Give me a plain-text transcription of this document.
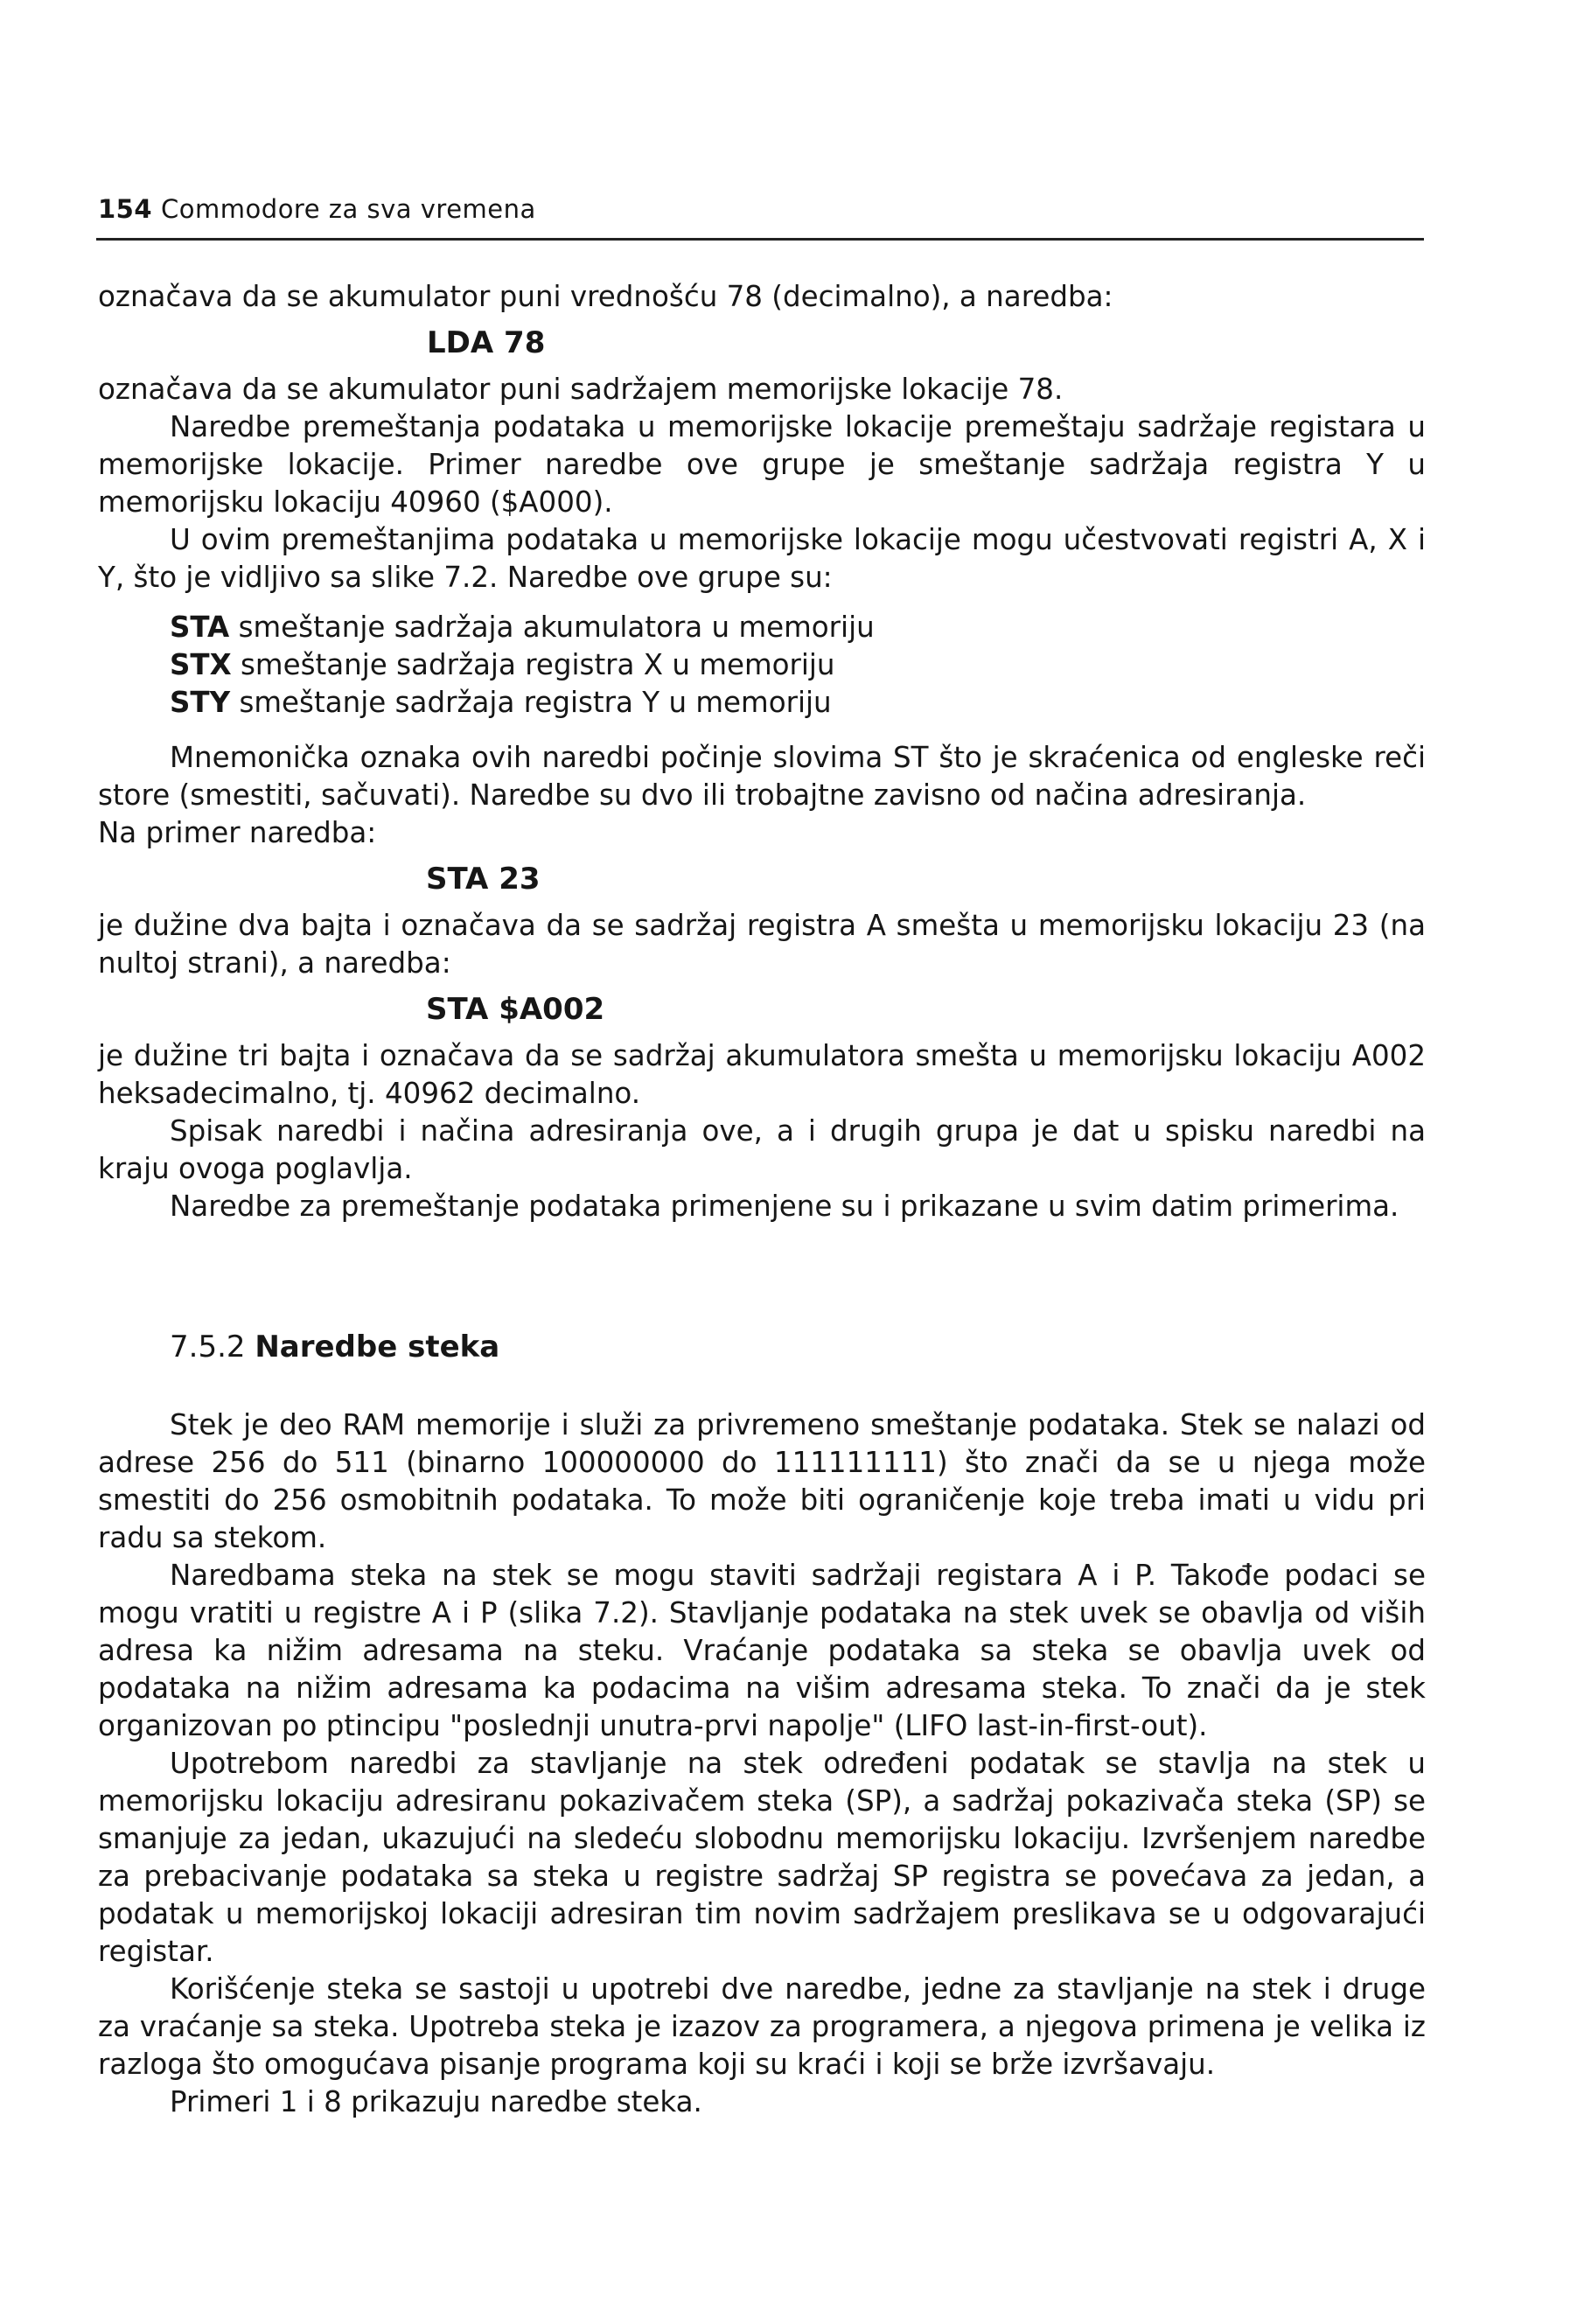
154 Commodore za sva vremena

označava da se akumulator puni vrednošću 78 (decimalno), a naredba:

LDA 78

označava da se akumulator puni sadržajem memorijske lokacije 78.

Naredbe premeštanja podataka u memorijske lokacije premeštaju sadržaje registara u memorijske lokacije. Primer naredbe ove grupe je smeštanje sadržaja registra Y u memorijsku lokaciju 40960 ($A000).

U ovim premeštanjima podataka u memorijske lokacije mogu učestvovati registri A, X i Y, što je vidljivo sa slike 7.2. Naredbe ove grupe su:

STA smeštanje sadržaja akumulatora u memoriju
STX smeštanje sadržaja registra X u memoriju
STY smeštanje sadržaja registra Y u memoriju

Mnemonička oznaka ovih naredbi počinje slovima ST što je skraćenica od engleske reči store (smestiti, sačuvati). Naredbe su dvo ili trobajtne zavisno od načina adresiranja.

Na primer naredba:

STA 23

je dužine dva bajta i označava da se sadržaj registra A smešta u memorijsku lokaciju 23 (na nultoj strani), a naredba:

STA $A002

je dužine tri bajta i označava da se sadržaj akumulatora smešta u memorijsku lokaciju A002 heksadecimalno, tj. 40962 decimalno.

Spisak naredbi i načina adresiranja ove, a i drugih grupa je dat u spisku naredbi na kraju ovoga poglavlja.

Naredbe za premeštanje podataka primenjene su i prikazane u svim datim primerima.

7.5.2 Naredbe steka

Stek je deo RAM memorije i služi za privremeno smeštanje podataka. Stek se nalazi od adrese 256 do 511 (binarno 100000000 do 111111111) što znači da se u njega može smestiti do 256 osmobitnih podataka. To može biti ograničenje koje treba imati u vidu pri radu sa stekom.

Naredbama steka na stek se mogu staviti sadržaji registara A i P. Takođe podaci se mogu vratiti u registre A i P (slika 7.2). Stavljanje podataka na stek uvek se obavlja od viših adresa ka nižim adresama na steku. Vraćanje podataka sa steka se obavlja uvek od podataka na nižim adresama ka podacima na višim adresama steka. To znači da je stek organizovan po ptincipu "poslednji unutra-prvi napolje" (LIFO last-in-first-out).

Upotrebom naredbi za stavljanje na stek određeni podatak se stavlja na stek u memorijsku lokaciju adresiranu pokazivačem steka (SP), a sadržaj pokazivača steka (SP) se smanjuje za jedan, ukazujući na sledeću slobodnu memorijsku lokaciju. Izvršenjem naredbe za prebacivanje podataka sa steka u registre sadržaj SP registra se povećava za jedan, a podatak u memorijskoj lokaciji adresiran tim novim sadržajem preslikava se u odgovarajući registar.

Korišćenje steka se sastoji u upotrebi dve naredbe, jedne za stavljanje na stek i druge za vraćanje sa steka. Upotreba steka je izazov za programera, a njegova primena je velika iz razloga što omogućava pisanje programa koji su kraći i koji se brže izvršavaju.

Primeri 1 i 8 prikazuju naredbe steka.
